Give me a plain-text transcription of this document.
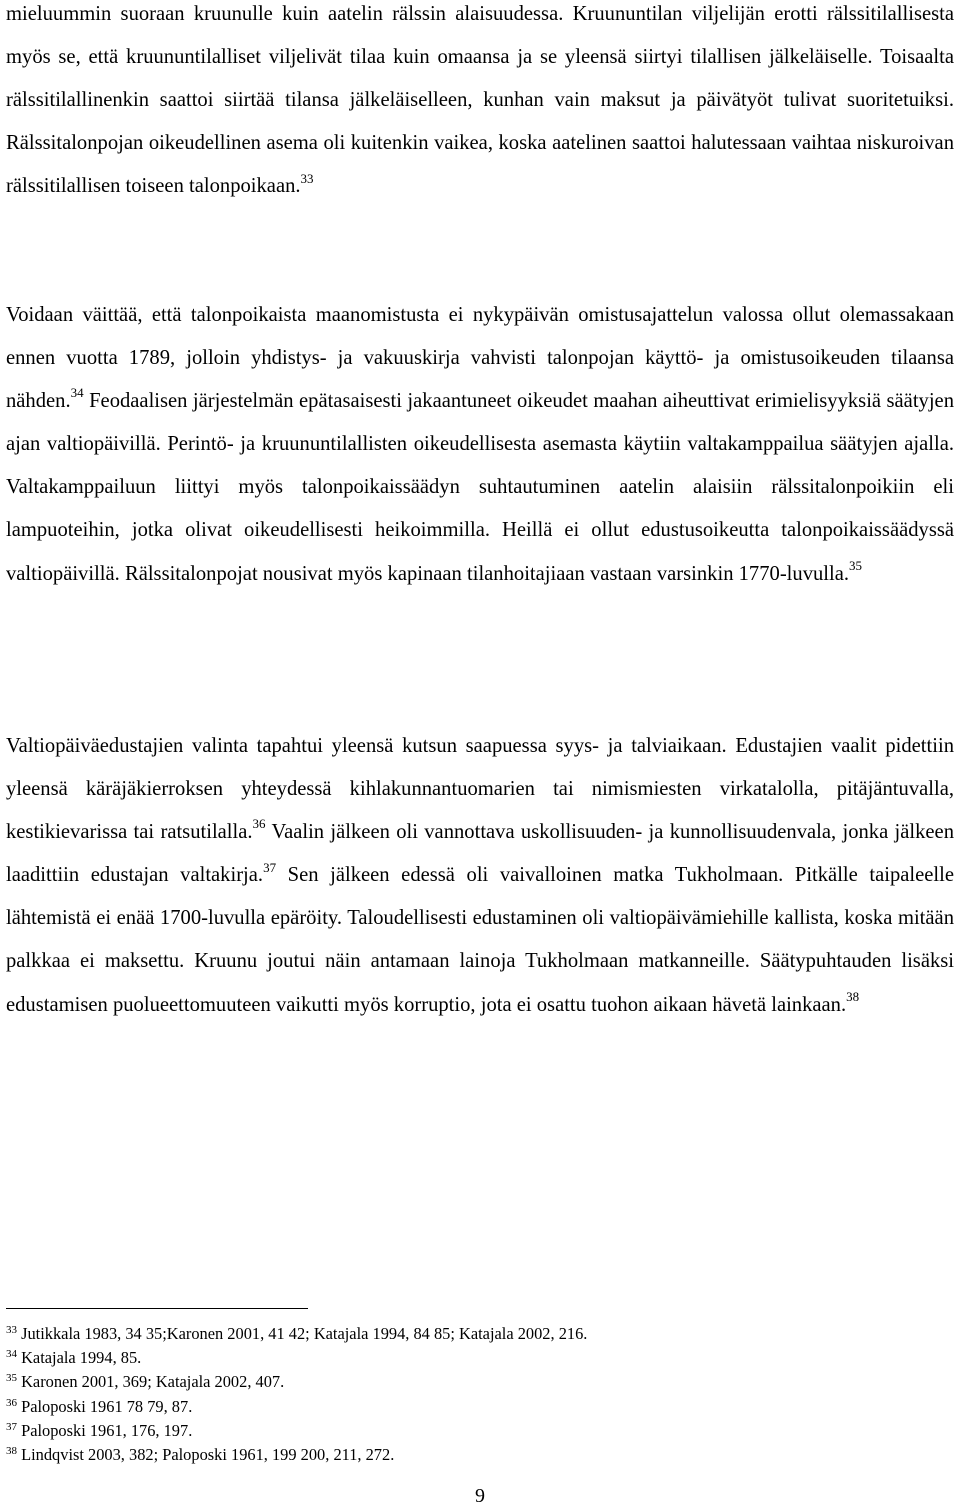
mieluummin suoraan kruunulle kuin aatelin rälssin alaisuudessa. Kruununtilan viljelijän erotti rälssitilallisesta myös se, että kruununtilalliset viljelivät tilaa kuin omaansa ja se yleensä siirtyi tilallisen jälkeläiselle. Toisaalta rälssitilallinenkin saattoi siirtää tilansa jälkeläiselleen, kunhan vain maksut ja päivätyöt tulivat suoritetuiksi. Rälssitalonpojan oikeudellinen asema oli kuitenkin vaikea, koska aatelinen saattoi halutessaan vaihtaa niskuroivan rälssitilallisen toiseen talonpoikaan.$^{33}$

Voidaan väittää, että talonpoikaista maanomistusta ei nykypäivän omistusajattelun valossa ollut olemassakaan ennen vuotta 1789, jolloin yhdistys- ja vakuuskirja vahvisti talonpojan käyttö- ja omistusoikeuden tilaansa nähden.$^{34}$ Feodaalisen järjestelmän epätasaisesti jakaantuneet oikeudet maahan aiheuttivat erimielisyyksiä säätyjen ajan valtiopäivillä. Perintö- ja kruununtilallisten oikeudellisesta asemasta käytiin valtakamppailua säätyjen ajalla. Valtakamppailuun liittyi myös talonpoikaissäädyn suhtautuminen aatelin alaisiin rälssitalonpoikiin eli lampuoteihin, jotka olivat oikeudellisesti heikoimmilla. Heillä ei ollut edustusoikeutta talonpoikaissäädyssä valtiopäivillä. Rälssitalonpojat nousivat myös kapinaan tilanhoitajiaan vastaan varsinkin 1770-luvulla.$^{35}$

Valtiopäiväedustajien valinta tapahtui yleensä kutsun saapuessa syys- ja talviaikaan. Edustajien vaalit pidettiin yleensä käräjäkierroksen yhteydessä kihlakunnantuomarien tai nimismiesten virkatalolla, pitäjäntuvalla, kestikievarissa tai ratsutilalla.$^{36}$ Vaalin jälkeen oli vannottava uskollisuuden- ja kunnollisuudenvala, jonka jälkeen laadittiin edustajan valtakirja.$^{37}$ Sen jälkeen edessä oli vaivalloinen matka Tukholmaan. Pitkälle taipaleelle lähtemistä ei enää 1700-luvulla epäröity. Taloudellisesti edustaminen oli valtiopäivämiehille kallista, koska mitään palkkaa ei maksettu. Kruunu joutui näin antamaan lainoja Tukholmaan matkanneille. Säätypuhtauden lisäksi edustamisen puolueettomuuteen vaikutti myös korruptio, jota ei osattu tuohon aikaan hävetä lainkaan.$^{38}$

$^{33}$ Jutikkala 1983, 34 35;Karonen 2001, 41 42; Katajala 1994, 84 85; Katajala 2002, 216.
$^{34}$ Katajala 1994, 85.
$^{35}$ Karonen 2001, 369; Katajala 2002, 407.
$^{36}$ Paloposki 1961 78 79, 87.
$^{37}$ Paloposki 1961, 176, 197.
$^{38}$ Lindqvist 2003, 382; Paloposki 1961, 199 200, 211, 272.
9
